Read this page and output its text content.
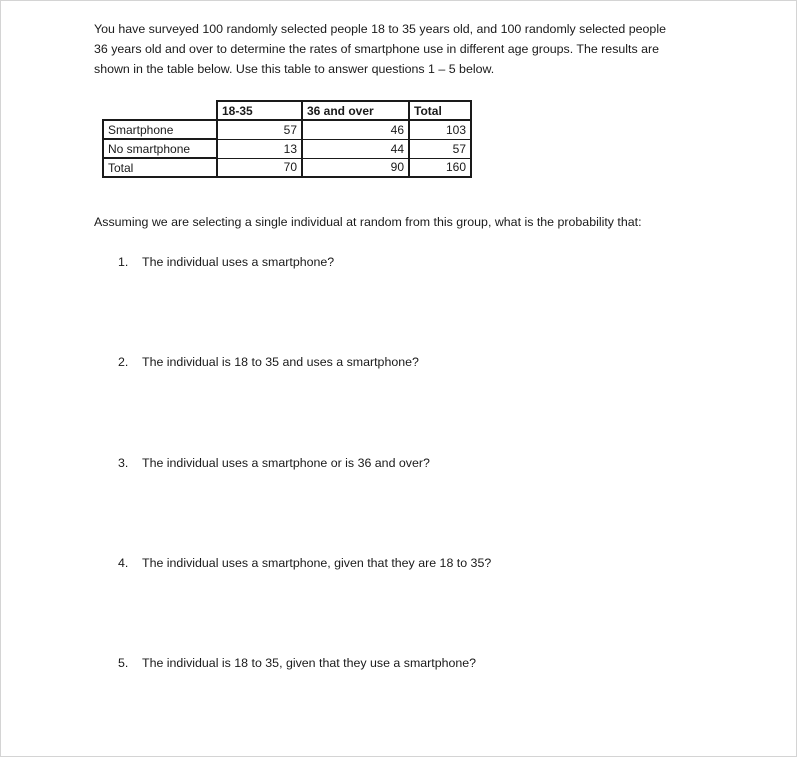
You have surveyed 100 randomly selected people 18 to 35 years old, and 100 randomly selected people
36 years old and over to determine the rates of smartphone use in different age groups. The results are
shown in the table below. Use this table to answer questions 1 – 5 below.

	18-35	36 and over	Total
Smartphone	57	46	103
No smartphone	13	44	57
Total	70	90	160

Assuming we are selecting a single individual at random from this group, what is the probability that:

1. The individual uses a smartphone?
2. The individual is 18 to 35 and uses a smartphone?
3. The individual uses a smartphone or is 36 and over?
4. The individual uses a smartphone, given that they are 18 to 35?
5. The individual is 18 to 35, given that they use a smartphone?
